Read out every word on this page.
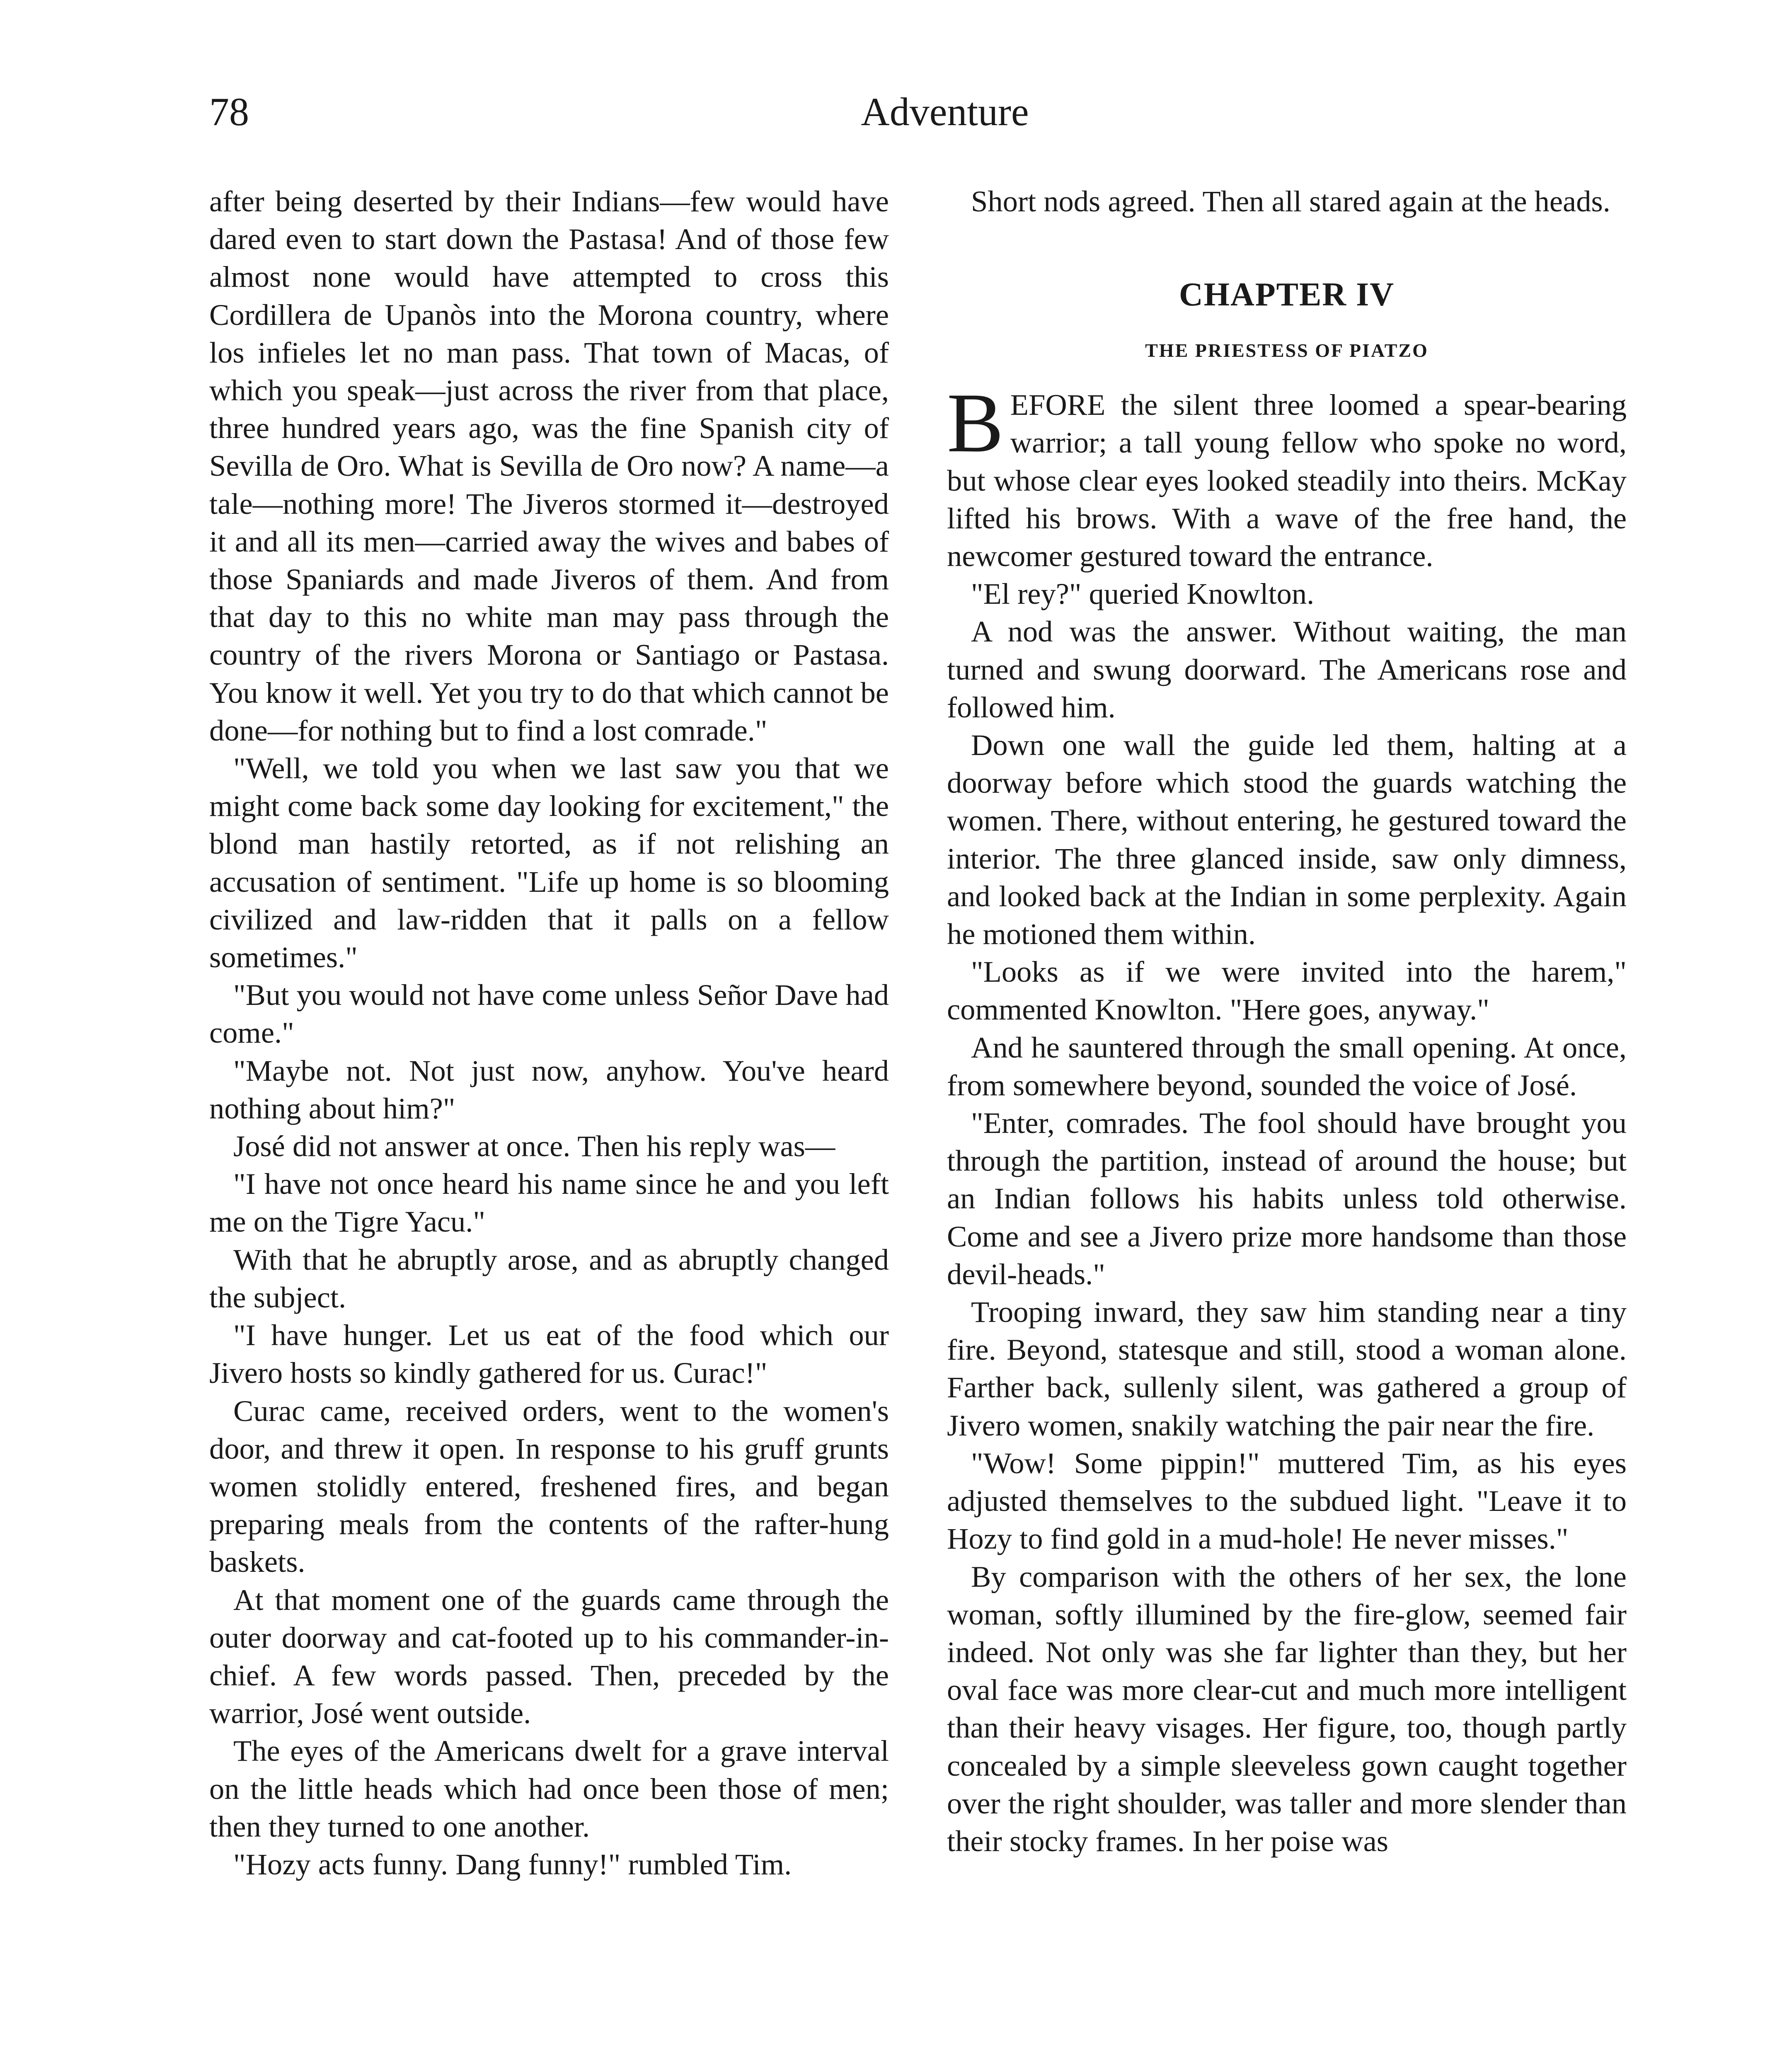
78	Adventure

after being deserted by their Indians—few would have dared even to start down the Pastasa! And of those few almost none would have attempted to cross this Cordillera de Upanòs into the Morona country, where los infieles let no man pass. That town of Macas, of which you speak—just across the river from that place, three hundred years ago, was the fine Spanish city of Sevilla de Oro. What is Sevilla de Oro now? A name—a tale—nothing more! The Jiveros stormed it—destroyed it and all its men—carried away the wives and babes of those Spaniards and made Jiveros of them. And from that day to this no white man may pass through the country of the rivers Morona or Santiago or Pastasa. You know it well. Yet you try to do that which cannot be done—for nothing but to find a lost comrade."

"Well, we told you when we last saw you that we might come back some day looking for excitement," the blond man hastily retorted, as if not relishing an accusation of sentiment. "Life up home is so blooming civilized and law-ridden that it palls on a fellow sometimes."

"But you would not have come unless Señor Dave had come."

"Maybe not. Not just now, anyhow. You've heard nothing about him?"

José did not answer at once. Then his reply was—

"I have not once heard his name since he and you left me on the Tigre Yacu."

With that he abruptly arose, and as abruptly changed the subject.

"I have hunger. Let us eat of the food which our Jivero hosts so kindly gathered for us. Curac!"

Curac came, received orders, went to the women's door, and threw it open. In response to his gruff grunts women stolidly entered, freshened fires, and began preparing meals from the contents of the rafter-hung baskets.

At that moment one of the guards came through the outer doorway and cat-footed up to his commander-in-chief. A few words passed. Then, preceded by the warrior, José went outside.

The eyes of the Americans dwelt for a grave interval on the little heads which had once been those of men; then they turned to one another.

"Hozy acts funny. Dang funny!" rumbled Tim.

Short nods agreed. Then all stared again at the heads.

CHAPTER IV
THE PRIESTESS OF PIATZO

BEFORE the silent three loomed a spear-bearing warrior; a tall young fellow who spoke no word, but whose clear eyes looked steadily into theirs. McKay lifted his brows. With a wave of the free hand, the newcomer gestured toward the entrance.

"El rey?" queried Knowlton.

A nod was the answer. Without waiting, the man turned and swung doorward. The Americans rose and followed him.

Down one wall the guide led them, halting at a doorway before which stood the guards watching the women. There, without entering, he gestured toward the interior. The three glanced inside, saw only dimness, and looked back at the Indian in some perplexity. Again he motioned them within.

"Looks as if we were invited into the harem," commented Knowlton. "Here goes, anyway."

And he sauntered through the small opening. At once, from somewhere beyond, sounded the voice of José.

"Enter, comrades. The fool should have brought you through the partition, instead of around the house; but an Indian follows his habits unless told otherwise. Come and see a Jivero prize more handsome than those devil-heads."

Trooping inward, they saw him standing near a tiny fire. Beyond, statesque and still, stood a woman alone. Farther back, sullenly silent, was gathered a group of Jivero women, snakily watching the pair near the fire.

"Wow! Some pippin!" muttered Tim, as his eyes adjusted themselves to the subdued light. "Leave it to Hozy to find gold in a mud-hole! He never misses."

By comparison with the others of her sex, the lone woman, softly illumined by the fire-glow, seemed fair indeed. Not only was she far lighter than they, but her oval face was more clear-cut and much more intelligent than their heavy visages. Her figure, too, though partly concealed by a simple sleeveless gown caught together over the right shoulder, was taller and more slender than their stocky frames. In her poise was
